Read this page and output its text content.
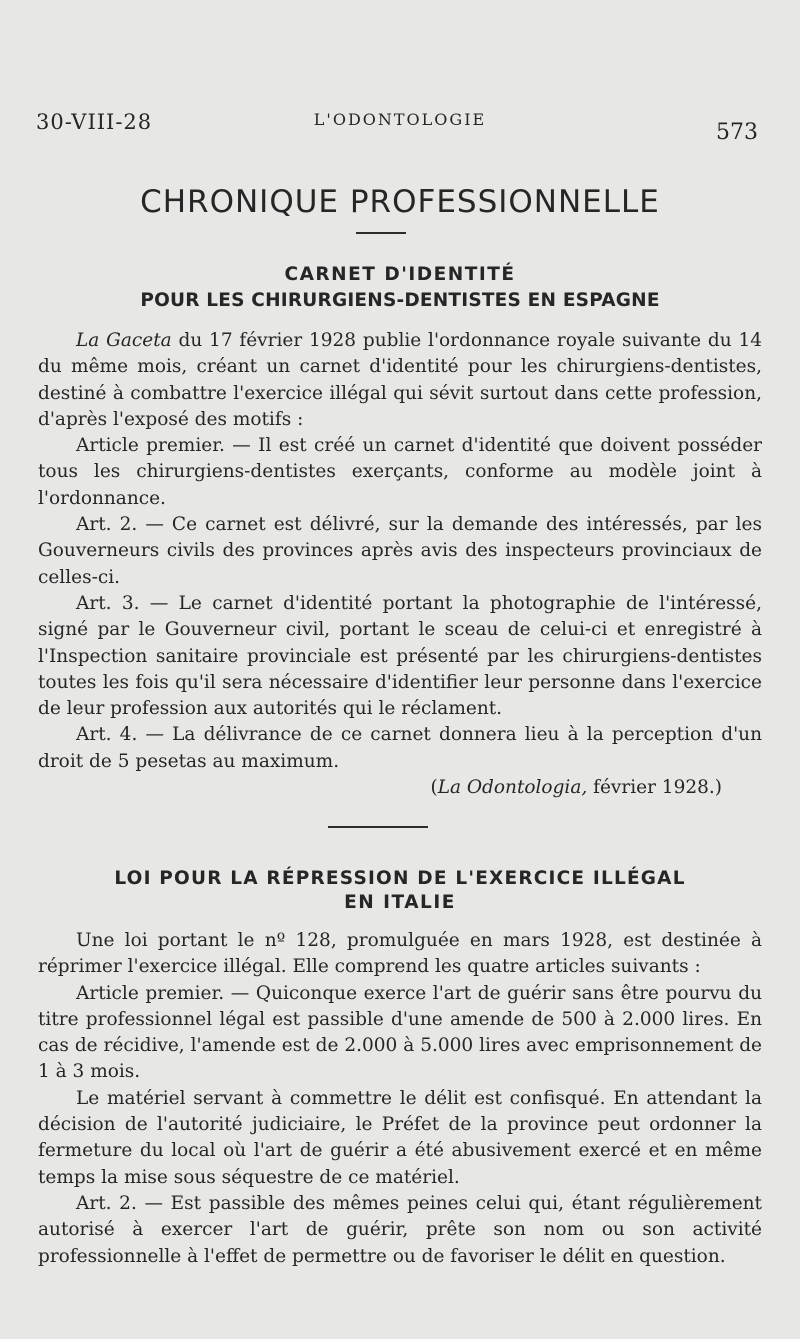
30-VIII-28	L'ODONTOLOGIE
573
CHRONIQUE PROFESSIONNELLE
CARNET D'IDENTITÉ
POUR LES CHIRURGIENS-DENTISTES EN ESPAGNE

La Gaceta du 17 février 1928 publie l'ordonnance royale suivante du 14 du même mois, créant un carnet d'identité pour les chirurgiens-dentistes, destiné à combattre l'exercice illégal qui sévit surtout dans cette profession, d'après l'exposé des motifs :

Article premier. — Il est créé un carnet d'identité que doivent posséder tous les chirurgiens-dentistes exerçants, conforme au modèle joint à l'ordonnance.

Art. 2. — Ce carnet est délivré, sur la demande des intéressés, par les Gouverneurs civils des provinces après avis des inspecteurs provinciaux de celles-ci.

Art. 3. — Le carnet d'identité portant la photographie de l'intéressé, signé par le Gouverneur civil, portant le sceau de celui-ci et enregistré à l'Inspection sanitaire provinciale est présenté par les chirurgiens-dentistes toutes les fois qu'il sera nécessaire d'identifier leur personne dans l'exercice de leur profession aux autorités qui le réclament.

Art. 4. — La délivrance de ce carnet donnera lieu à la perception d'un droit de 5 pesetas au maximum.

(La Odontologia, février 1928.)

LOI POUR LA RÉPRESSION DE L'EXERCICE ILLÉGAL
EN ITALIE

Une loi portant le nº 128, promulguée en mars 1928, est destinée à réprimer l'exercice illégal. Elle comprend les quatre articles suivants :

Article premier. — Quiconque exerce l'art de guérir sans être pourvu du titre professionnel légal est passible d'une amende de 500 à 2.000 lires. En cas de récidive, l'amende est de 2.000 à 5.000 lires avec emprisonnement de 1 à 3 mois.

Le matériel servant à commettre le délit est confisqué. En attendant la décision de l'autorité judiciaire, le Préfet de la province peut ordonner la fermeture du local où l'art de guérir a été abusivement exercé et en même temps la mise sous séquestre de ce matériel.

Art. 2. — Est passible des mêmes peines celui qui, étant régulièrement autorisé à exercer l'art de guérir, prête son nom ou son activité professionnelle à l'effet de permettre ou de favoriser le délit en question.
